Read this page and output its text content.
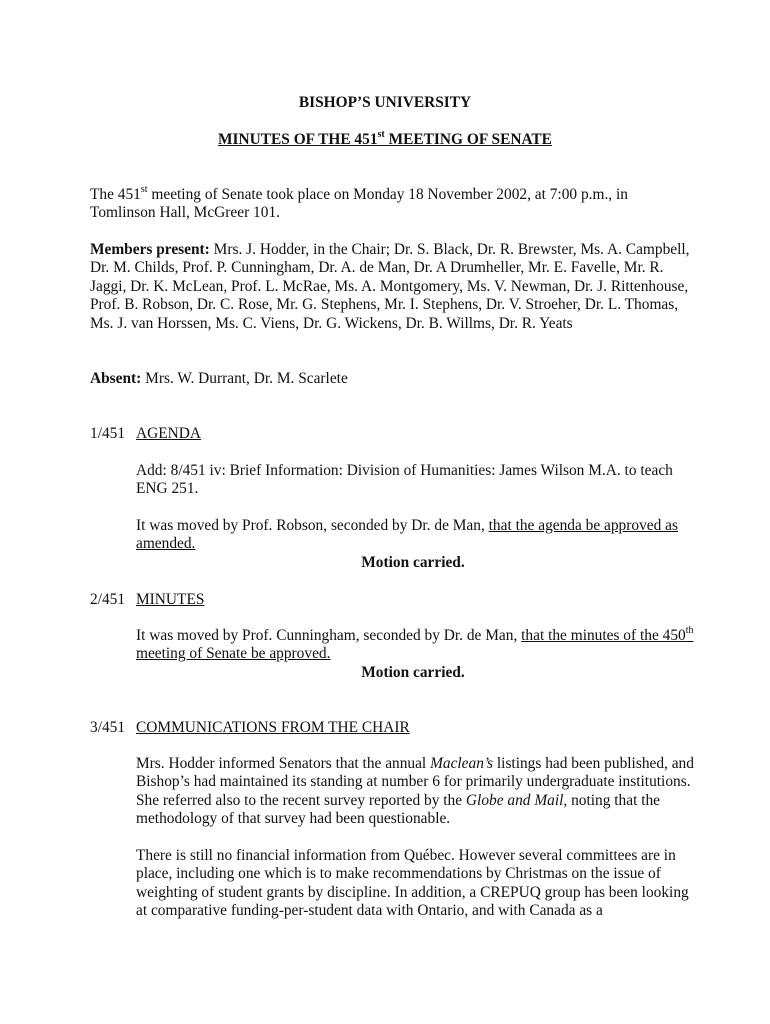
BISHOP’S UNIVERSITY
MINUTES OF THE 451st MEETING OF SENATE

The 451st meeting of Senate took place on Monday 18 November 2002, at 7:00 p.m., in Tomlinson Hall, McGreer 101.

Members present: Mrs. J. Hodder, in the Chair; Dr. S. Black, Dr. R. Brewster, Ms. A. Campbell, Dr. M. Childs, Prof. P. Cunningham, Dr. A. de Man, Dr. A Drumheller, Mr. E. Favelle, Mr. R. Jaggi, Dr. K. McLean, Prof. L. McRae, Ms. A. Montgomery, Ms. V. Newman, Dr. J. Rittenhouse, Prof. B. Robson, Dr. C. Rose, Mr. G. Stephens, Mr. I. Stephens, Dr. V. Stroeher, Dr. L. Thomas, Ms. J. van Horssen, Ms. C. Viens, Dr. G. Wickens, Dr. B. Willms, Dr. R. Yeats

Absent: Mrs. W. Durrant, Dr. M. Scarlete

1/451 AGENDA

Add: 8/451 iv: Brief Information: Division of Humanities: James Wilson M.A. to teach ENG 251.

It was moved by Prof. Robson, seconded by Dr. de Man, that the agenda be approved as amended.

Motion carried.
2/451 MINUTES

It was moved by Prof. Cunningham, seconded by Dr. de Man, that the minutes of the 450th meeting of Senate be approved.

Motion carried.
3/451 COMMUNICATIONS FROM THE CHAIR

Mrs. Hodder informed Senators that the annual Maclean’s listings had been published, and Bishop’s had maintained its standing at number 6 for primarily undergraduate institutions. She referred also to the recent survey reported by the Globe and Mail, noting that the methodology of that survey had been questionable.

There is still no financial information from Québec. However several committees are in place, including one which is to make recommendations by Christmas on the issue of weighting of student grants by discipline. In addition, a CREPUQ group has been looking at comparative funding-per-student data with Ontario, and with Canada as a
